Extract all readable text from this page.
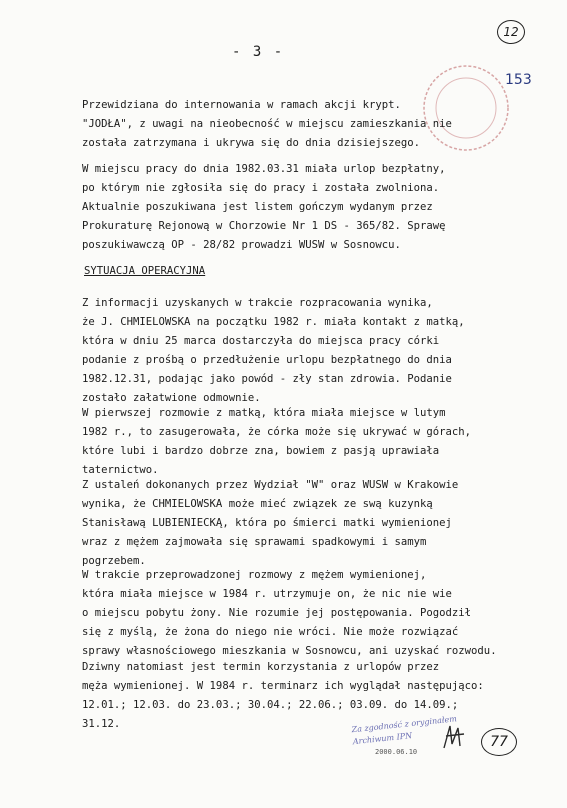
12
153
- 3 -
Przewidziana do internowania w ramach akcji krypt.
"JODŁA", z uwagi na nieobecność w miejscu zamieszkania nie
została zatrzymana i ukrywa się do dnia dzisiejszego.
W miejscu pracy do dnia 1982.03.31 miała urlop bezpłatny,
po którym nie zgłosiła się do pracy i została zwolniona.
Aktualnie poszukiwana jest listem gończym wydanym przez
Prokuraturę Rejonową w Chorzowie Nr 1 DS - 365/82. Sprawę
poszukiwawczą OP - 28/82 prowadzi WUSW w Sosnowcu.
SYTUACJA OPERACYJNA
Z informacji uzyskanych w trakcie rozpracowania wynika,
że J. CHMIELOWSKA na początku 1982 r. miała kontakt z matką,
która w dniu 25 marca dostarczyła do miejsca pracy córki
podanie z prośbą o przedłużenie urlopu bezpłatnego do dnia
1982.12.31, podając jako powód - zły stan zdrowia. Podanie
zostało załatwione odmownie.
W pierwszej rozmowie z matką, która miała miejsce w lutym
1982 r., to zasugerowała, że córka może się ukrywać w górach,
które lubi i bardzo dobrze zna, bowiem z pasją uprawiała
taternictwo.
Z ustaleń dokonanych przez Wydział "W" oraz WUSW w Krakowie
wynika, że CHMIELOWSKA może mieć związek ze swą kuzynką
Stanisławą LUBIENIECKĄ, która po śmierci matki wymienionej
wraz z mężem zajmowała się sprawami spadkowymi i samym
pogrzebem.
W trakcie przeprowadzonej rozmowy z mężem wymienionej,
która miała miejsce w 1984 r. utrzymuje on, że nic nie wie
o miejscu pobytu żony. Nie rozumie jej postępowania. Pogodził
się z myślą, że żona do niego nie wróci. Nie może rozwiązać
sprawy własnościowego mieszkania w Sosnowcu, ani uzyskać rozwodu.
Dziwny natomiast jest termin korzystania z urlopów przez
męża wymienionej. W 1984 r. terminarz ich wyglądał następująco:
12.01.; 12.03. do 23.03.; 30.04.; 22.06.; 03.09. do 14.09.;
31.12.	Za zgodność z oryginałem
Archiwum IPN	77
2000.06.10
